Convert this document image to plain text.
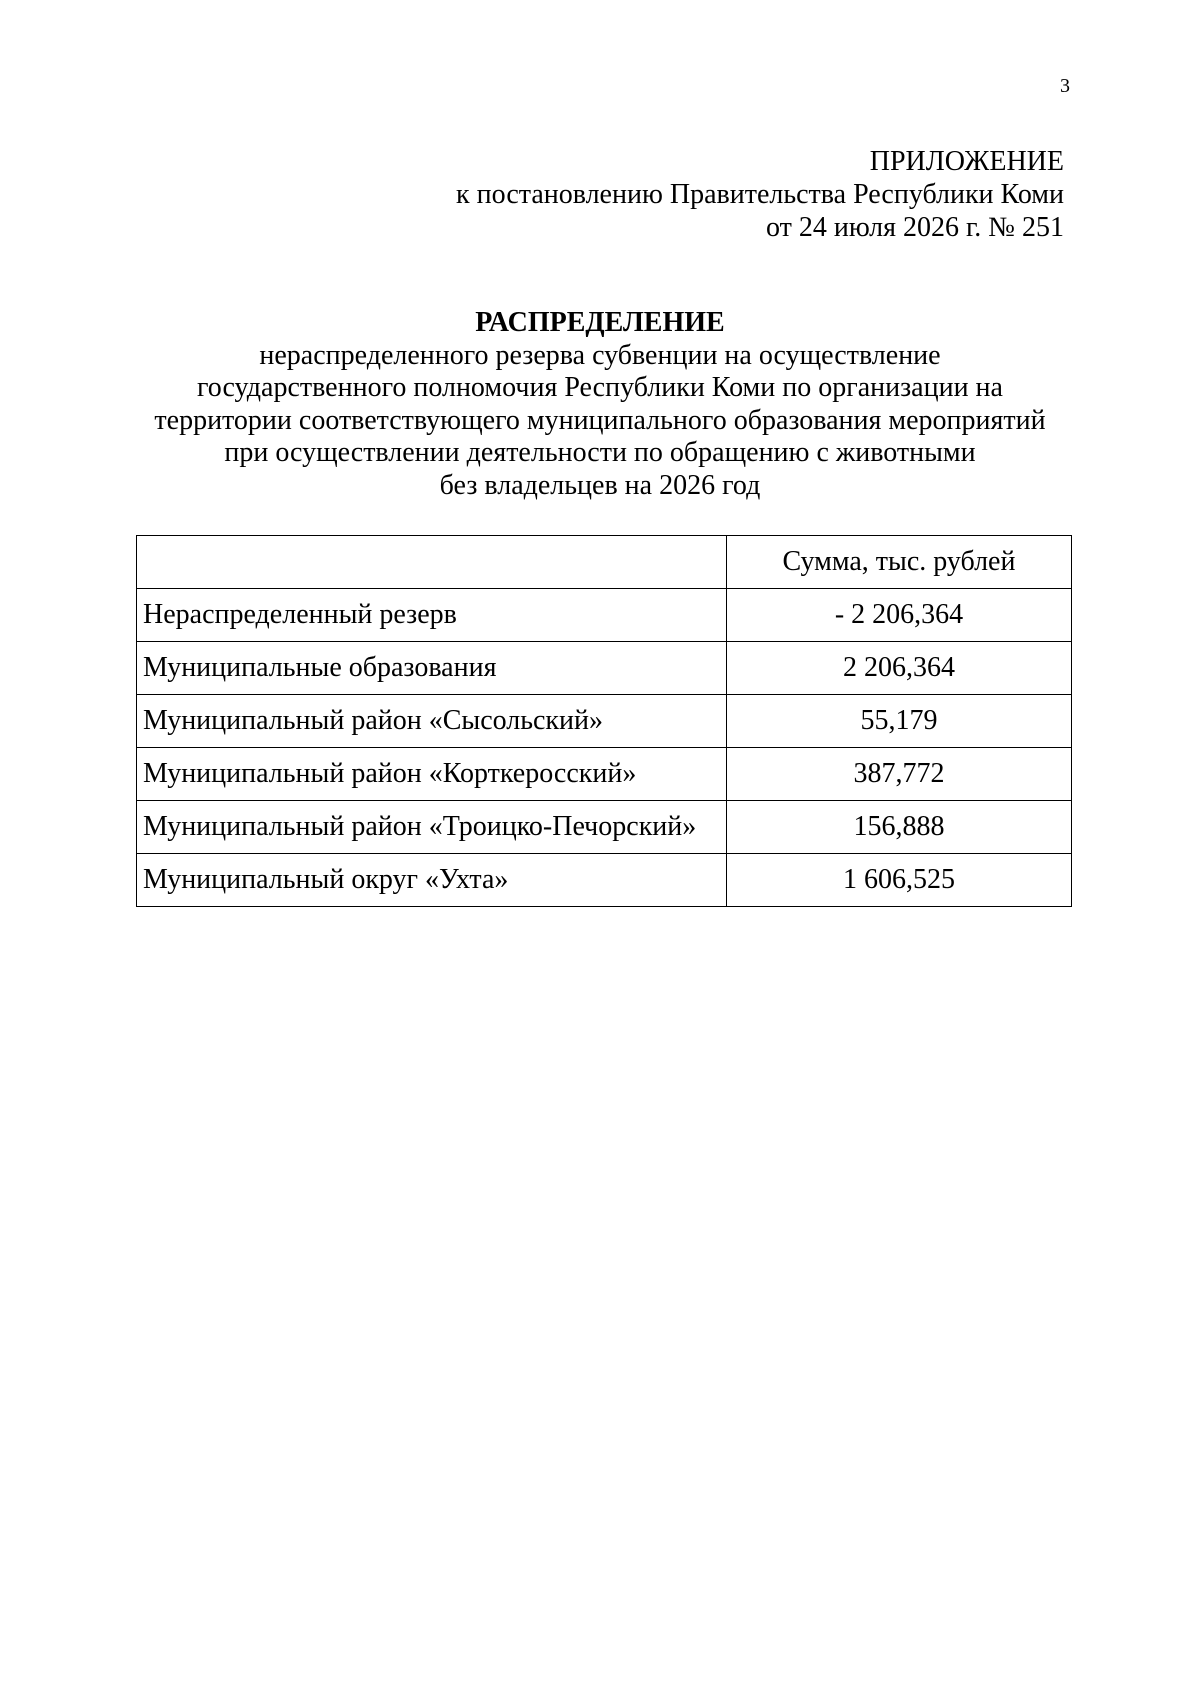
3
ПРИЛОЖЕНИЕ
к постановлению Правительства Республики Коми
от 24 июля 2026 г. № 251
РАСПРЕДЕЛЕНИЕ
нераспределенного резерва субвенции на осуществление
государственного полномочия Республики Коми по организации на
территории соответствующего муниципального образования мероприятий
при осуществлении деятельности по обращению с животными
без владельцев на 2026 год
	Сумма, тыс. рублей
Нераспределенный резерв	- 2 206,364
Муниципальные образования	2 206,364
Муниципальный район «Сысольский»	55,179
Муниципальный район «Корткеросский»	387,772
Муниципальный район «Троицко-Печорский»	156,888
Муниципальный округ «Ухта»	1 606,525
